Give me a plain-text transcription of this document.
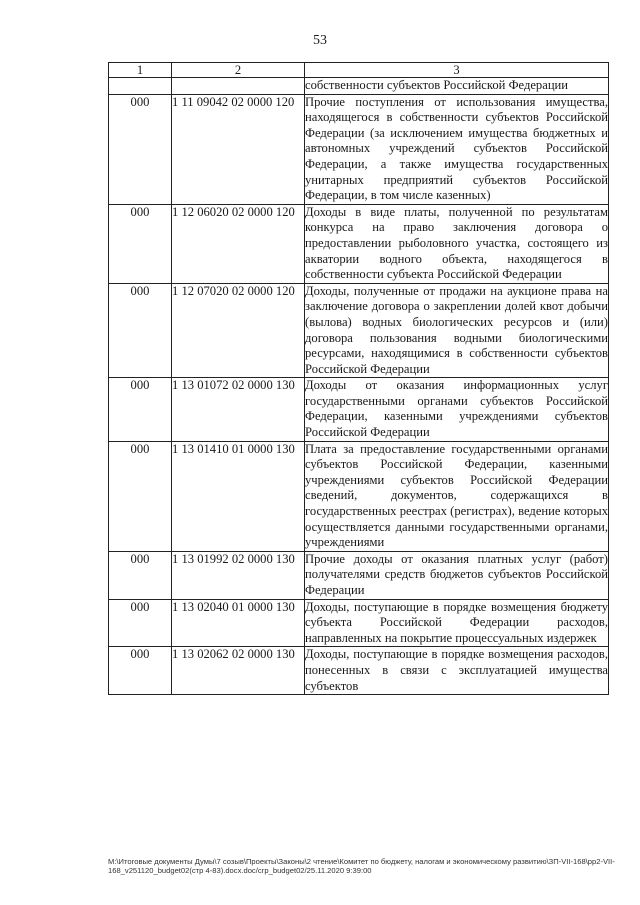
53
1	2	3
		собственности субъектов Российской Федерации
000	1 11 09042 02 0000 120	Прочие поступления от использования имущества, находящегося в собственности субъектов Российской Федерации (за исключением имущества бюджетных и автономных учреждений субъектов Российской Федерации, а также имущества государственных унитарных предприятий субъектов Российской Федерации, в том числе казенных)
000	1 12 06020 02 0000 120	Доходы в виде платы, полученной по результатам конкурса на право заключения договора о предоставлении рыболовного участка, состоящего из акватории водного объекта, находящегося в собственности субъекта Российской Федерации
000	1 12 07020 02 0000 120	Доходы, полученные от продажи на аукционе права на заключение договора о закреплении долей квот добычи (вылова) водных биологических ресурсов и (или) договора пользования водными биологическими ресурсами, находящимися в собственности субъектов Российской Федерации
000	1 13 01072 02 0000 130	Доходы от оказания информационных услуг государственными органами субъектов Российской Федерации, казенными учреждениями субъектов Российской Федерации
000	1 13 01410 01 0000 130	Плата за предоставление государственными органами субъектов Российской Федерации, казенными учреждениями субъектов Российской Федерации сведений, документов, содержащихся в государственных реестрах (регистрах), ведение которых осуществляется данными государственными органами, учреждениями
000	1 13 01992 02 0000 130	Прочие доходы от оказания платных услуг (работ) получателями средств бюджетов субъектов Российской Федерации
000	1 13 02040 01 0000 130	Доходы, поступающие в порядке возмещения бюджету субъекта Российской Федерации расходов, направленных на покрытие процессуальных издержек
000	1 13 02062 02 0000 130	Доходы, поступающие в порядке возмещения расходов, понесенных в связи с эксплуатацией имущества субъектов
M:\Итоговые документы Думы\7 созыв\Проекты\Законы\2 чтение\Комитет по бюджету, налогам и экономическому развитию\ЗП-VII-168\pp2-VII-168_v251120_budget02(стр 4-83).docx.doc/сгр_budget02/25.11.2020 9:39:00
